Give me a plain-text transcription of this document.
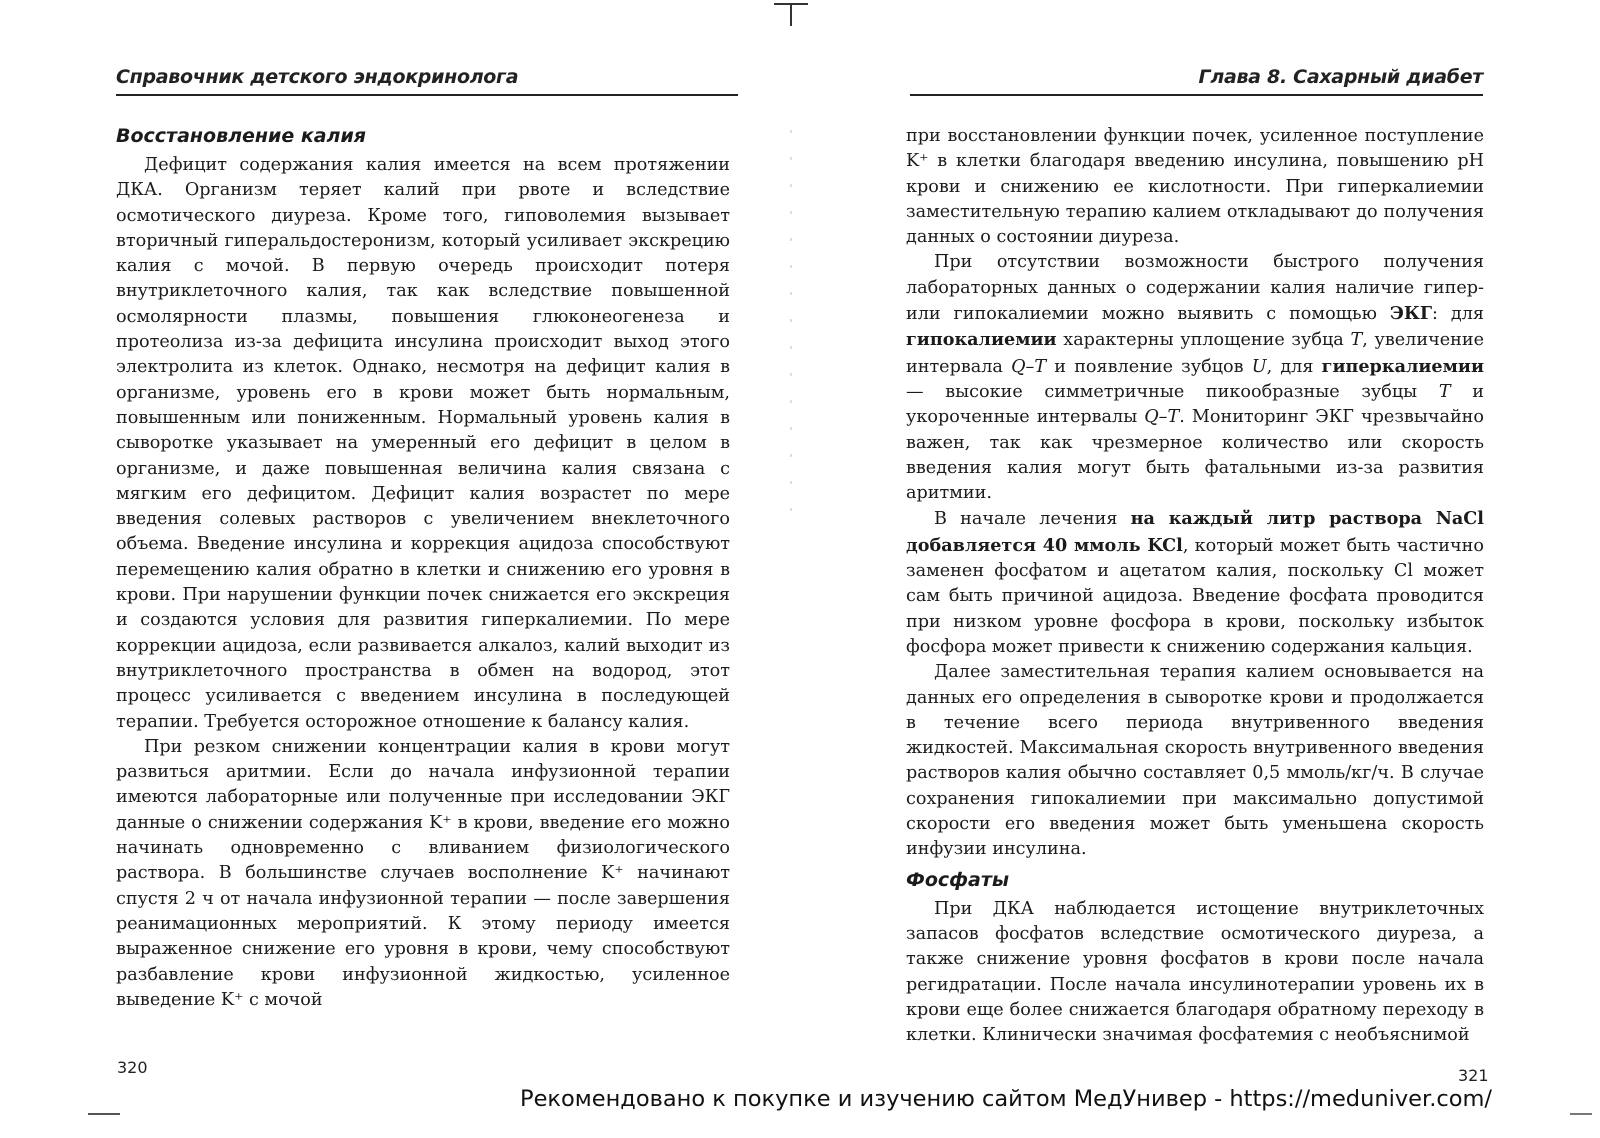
Справочник детского эндокринолога
Восстановление калия

Дефицит содержания калия имеется на всем протяжении ДКА. Организм теряет калий при рвоте и вследствие осмотического диуреза. Кроме того, гиповолемия вызывает вторичный гиперальдостеронизм, который усиливает экскрецию калия с мочой. В первую очередь происходит потеря внутриклеточного калия, так как вследствие повышенной осмолярности плазмы, повышения глюконеогенеза и протеолиза из-за дефицита инсулина происходит выход этого электролита из клеток. Однако, несмотря на дефицит калия в организме, уровень его в крови может быть нормальным, повышенным или пониженным. Нормальный уровень калия в сыворотке указывает на умеренный его дефицит в целом в организме, и даже повышенная величина калия связана с мягким его дефицитом. Дефицит калия возрастет по мере введения солевых растворов с увеличением внеклеточного объема. Введение инсулина и коррекция ацидоза способствуют перемещению калия обратно в клетки и снижению его уровня в крови. При нарушении функции почек снижается его экскреция и создаются условия для развития гиперкалиемии. По мере коррекции ацидоза, если развивается алкалоз, калий выходит из внутриклеточного пространства в обмен на водород, этот процесс усиливается с введением инсулина в последующей терапии. Требуется осторожное отношение к балансу калия.

При резком снижении концентрации калия в крови могут развиться аритмии. Если до начала инфузионной терапии имеются лабораторные или полученные при исследовании ЭКГ данные о снижении содержания K⁺ в крови, введение его можно начинать одновременно с вливанием физиологического раствора. В большинстве случаев восполнение K⁺ начинают спустя 2 ч от начала инфузионной терапии — после завершения реанимационных мероприятий. К этому периоду имеется выраженное снижение его уровня в крови, чему способствуют разбавление крови инфузионной жидкостью, усиленное выведение K⁺ с мочой

320
Глава 8. Сахарный диабет

при восстановлении функции почек, усиленное поступление K⁺ в клетки благодаря введению инсулина, повышению pH крови и снижению ее кислотности. При гиперкалиемии заместительную терапию калием откладывают до получения данных о состоянии диуреза.

При отсутствии возможности быстрого получения лабораторных данных о содержании калия наличие гипер- или гипокалиемии можно выявить с помощью ЭКГ: для гипокалиемии характерны уплощение зубца T, увеличение интервала Q–T и появление зубцов U, для гиперкалиемии — высокие симметричные пикообразные зубцы T и укороченные интервалы Q–T. Мониторинг ЭКГ чрезвычайно важен, так как чрезмерное количество или скорость введения калия могут быть фатальными из-за развития аритмии.

В начале лечения на каждый литр раствора NaCl добавляется 40 ммоль KCl, который может быть частично заменен фосфатом и ацетатом калия, поскольку Cl может сам быть причиной ацидоза. Введение фосфата проводится при низком уровне фосфора в крови, поскольку избыток фосфора может привести к снижению содержания кальция.

Далее заместительная терапия калием основывается на данных его определения в сыворотке крови и продолжается в течение всего периода внутривенного введения жидкостей. Максимальная скорость внутривенного введения растворов калия обычно составляет 0,5 ммоль/кг/ч. В случае сохранения гипокалиемии при максимально допустимой скорости его введения может быть уменьшена скорость инфузии инсулина.

Фосфаты

При ДКА наблюдается истощение внутриклеточных запасов фосфатов вследствие осмотического диуреза, а также снижение уровня фосфатов в крови после начала регидратации. После начала инсулинотерапии уровень их в крови еще более снижается благодаря обратному переходу в клетки. Клинически значимая фосфатемия с необъяснимой

321
Рекомендовано к покупке и изучению сайтом МедУнивер - https://meduniver.com/
